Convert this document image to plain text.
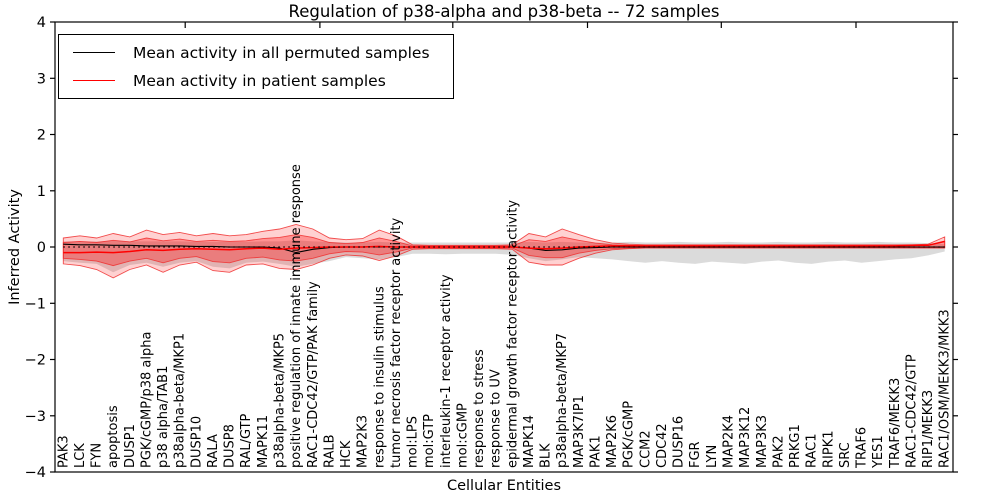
Regulation of p38-alpha and p38-beta -- 72 samples
Inferred Activity
Cellular Entities
4
3
2
1
0
−1
−2
−3
−4
PAK3 LCK FYN apoptosis DUSP1 PGK/cGMP/p38 alpha p38 alpha/TAB1 p38alpha-beta/MKP1 DUSP10 RALA DUSP8 RAL/GTP MAPK11 p38alpha-beta/MKP5 positive regulation of innate immune response RAC1-CDC42/GTP/PAK family RALB HCK MAP2K3 response to insulin stimulus tumor necrosis factor receptor activity mol:LPS mol:GTP interleukin-1 receptor activity mol:cGMP response to stress response to UV epidermal growth factor receptor activity MAPK14 BLK p38alpha-beta/MKP7 MAP3K7IP1 PAK1 MAP2K6 PGK/cGMP CCM2 CDC42 DUSP16 FGR LYN MAP2K4 MAP3K12 MAP3K3 PAK2 PRKG1 RAC1 RIPK1 SRC TRAF6 YES1 TRAF6/MEKK3 RAC1-CDC42/GTP RIP1/MEKK3 RAC1/OSM/MEKK3/MKK3
Mean activity in all permuted samples
Mean activity in patient samples
